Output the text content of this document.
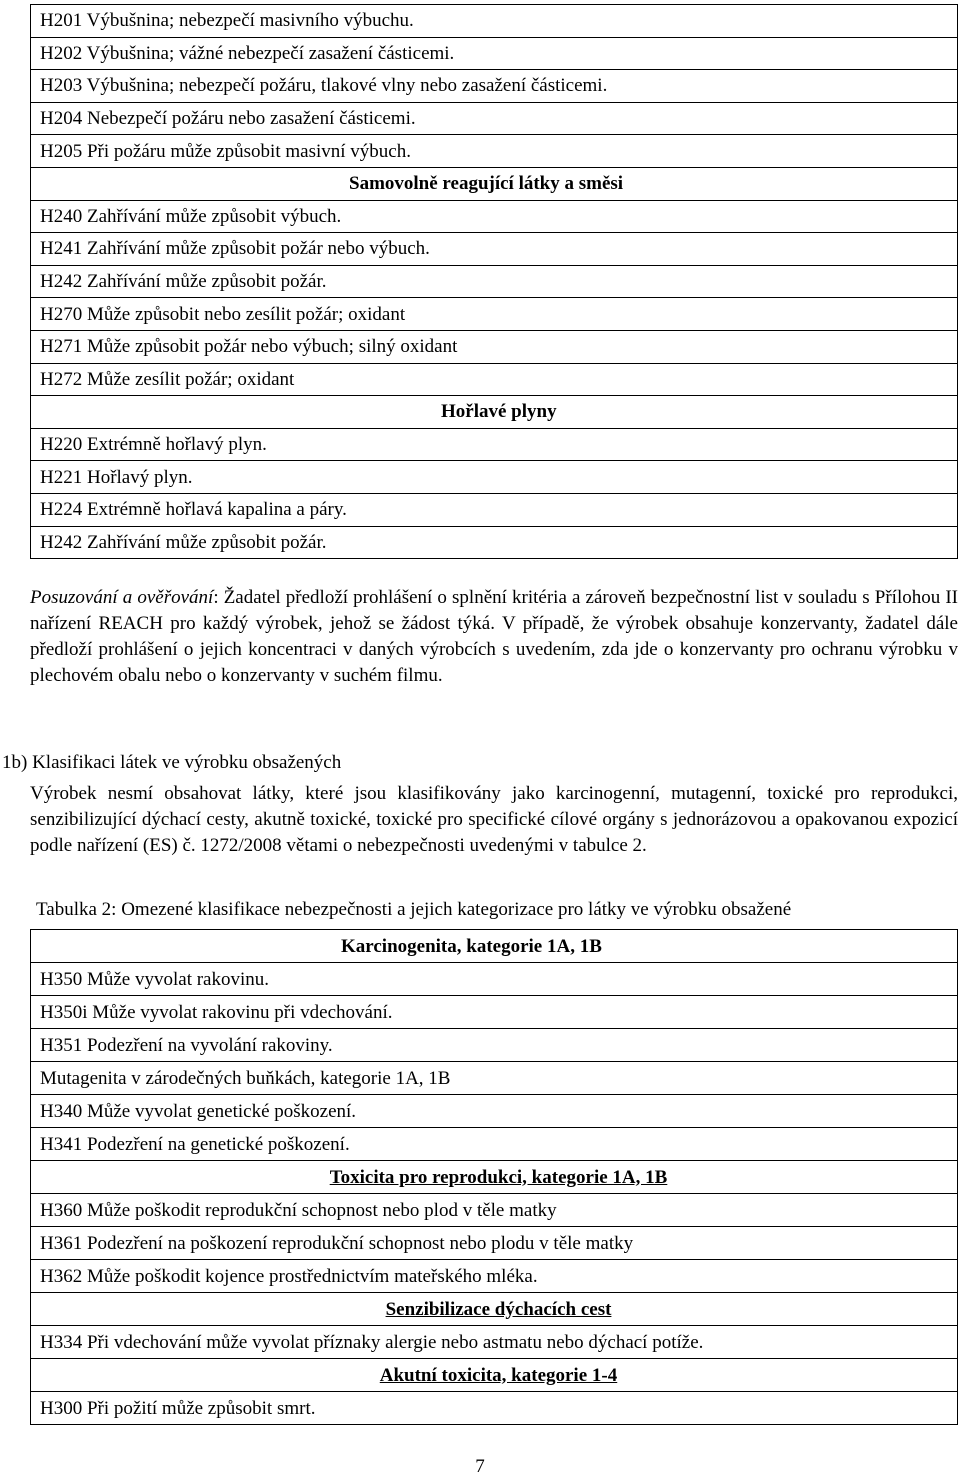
H201 Výbušnina; nebezpečí masivního výbuchu.
H202 Výbušnina; vážné nebezpečí zasažení částicemi.
H203 Výbušnina; nebezpečí požáru, tlakové vlny nebo zasažení částicemi.
H204 Nebezpečí požáru nebo zasažení částicemi.
H205 Při požáru může způsobit masivní výbuch.
Samovolně reagující látky a směsi
H240 Zahřívání může způsobit výbuch.
H241 Zahřívání může způsobit požár nebo výbuch.
H242 Zahřívání může způsobit požár.
H270 Může způsobit nebo zesílit požár; oxidant
H271 Může způsobit požár nebo výbuch; silný oxidant
H272 Může zesílit požár; oxidant
Hořlavé plyny
H220 Extrémně hořlavý plyn.
H221 Hořlavý plyn.
H224 Extrémně hořlavá kapalina a páry.
H242 Zahřívání může způsobit požár.
Posuzování a ověřování: Žadatel předloží prohlášení o splnění kritéria a zároveň bezpečnostní list v souladu s Přílohou II nařízení REACH pro každý výrobek, jehož se žádost týká. V případě, že výrobek obsahuje konzervanty, žadatel dále předloží prohlášení o jejich koncentraci v daných výrobcích s uvedením, zda jde o konzervanty pro ochranu výrobku v plechovém obalu nebo o konzervanty v suchém filmu.
1b) Klasifikaci látek ve výrobku obsažených
Výrobek nesmí obsahovat látky, které jsou klasifikovány jako karcinogenní, mutagenní, toxické pro reprodukci, senzibilizující dýchací cesty, akutně toxické, toxické pro specifické cílové orgány s jednorázovou a opakovanou expozicí podle nařízení (ES) č. 1272/2008 větami o nebezpečnosti uvedenými v tabulce 2.
Tabulka 2: Omezené klasifikace nebezpečnosti a jejich kategorizace pro látky ve výrobku obsažené
Karcinogenita, kategorie 1A, 1B
H350 Může vyvolat rakovinu.
H350i Může vyvolat rakovinu při vdechování.
H351 Podezření na vyvolání rakoviny.
Mutagenita v zárodečných buňkách, kategorie 1A, 1B
H340 Může vyvolat genetické poškození.
H341 Podezření na genetické poškození.
Toxicita pro reprodukci, kategorie 1A, 1B
H360 Může poškodit reprodukční schopnost nebo plod v těle matky
H361 Podezření na poškození reprodukční schopnost nebo plodu v těle matky
H362 Může poškodit kojence prostřednictvím mateřského mléka.
Senzibilizace dýchacích cest
H334 Při vdechování může vyvolat příznaky alergie nebo astmatu nebo dýchací potíže.
Akutní toxicita, kategorie 1-4
H300 Při požití může způsobit smrt.
7
